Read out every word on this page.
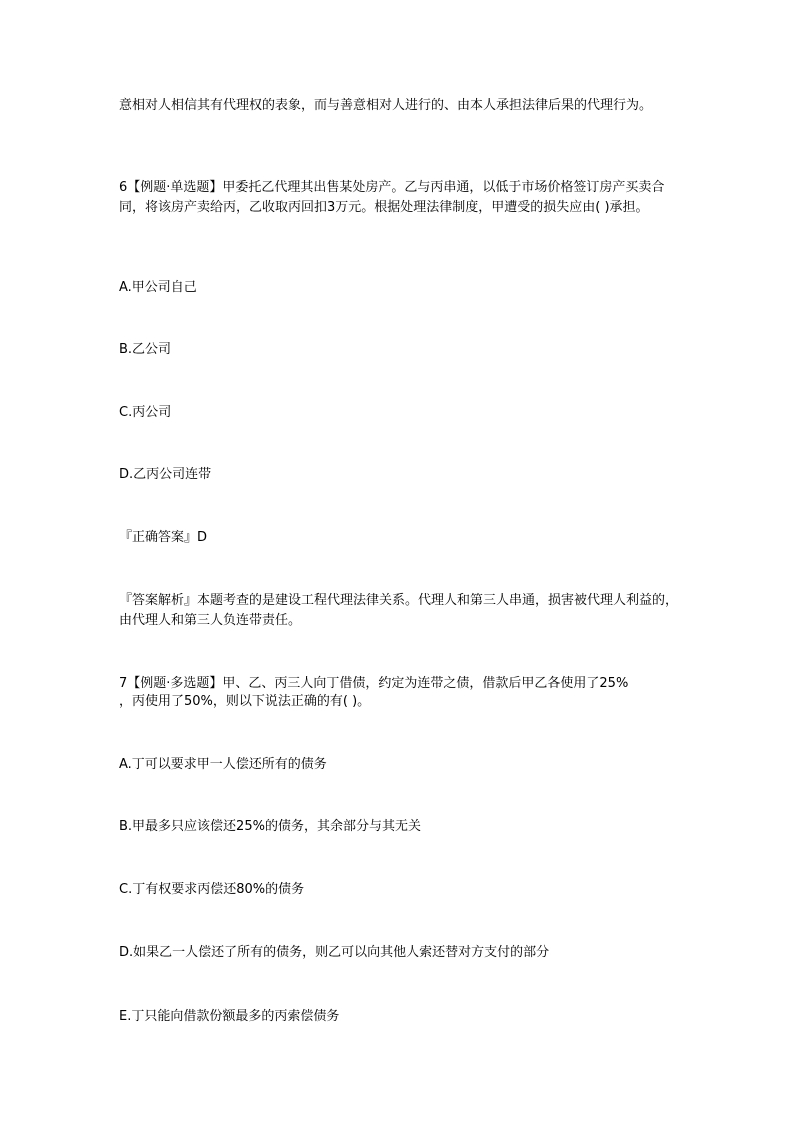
意相对人相信其有代理权的表象，而与善意相对人进行的、由本人承担法律后果的代理行为。

6【例题·单选题】甲委托乙代理其出售某处房产。乙与丙串通，以低于市场价格签订房产买卖合同，将该房产卖给丙，乙收取丙回扣3万元。根据处理法律制度，甲遭受的损失应由( )承担。

A.甲公司自己

B.乙公司

C.丙公司

D.乙丙公司连带

『正确答案』D

『答案解析』本题考查的是建设工程代理法律关系。代理人和第三人串通，损害被代理人利益的，由代理人和第三人负连带责任。

7【例题·多选题】甲、乙、丙三人向丁借债，约定为连带之债，借款后甲乙各使用了25%

，丙使用了50%，则以下说法正确的有( )。

A.丁可以要求甲一人偿还所有的债务

B.甲最多只应该偿还25%的债务，其余部分与其无关

C.丁有权要求丙偿还80%的债务

D.如果乙一人偿还了所有的债务，则乙可以向其他人索还替对方支付的部分

E.丁只能向借款份额最多的丙索偿债务
